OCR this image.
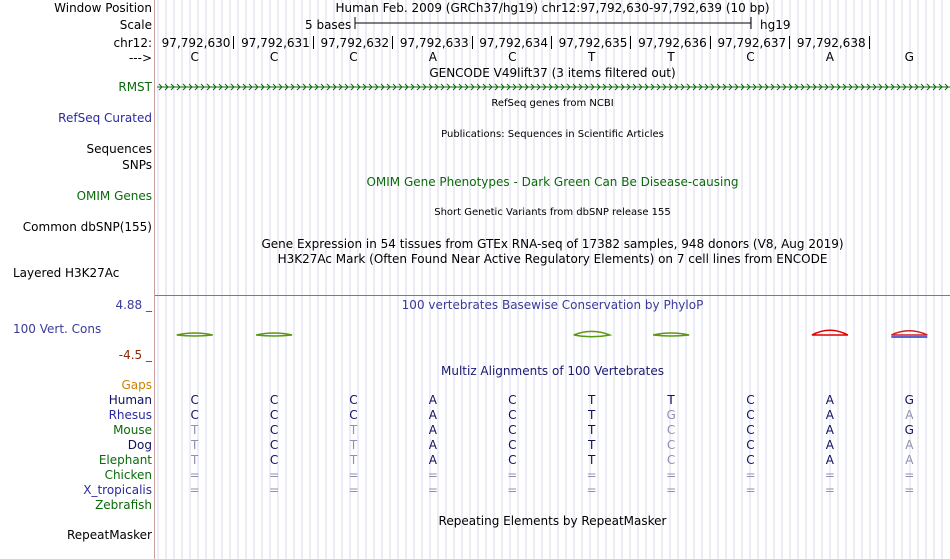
Window Position	Human Feb. 2009 (GRCh37/hg19) chr12:97,792,630-97,792,639 (10 bp)
Scale	5 bases	hg19
chr12: 97,792,630 97,792,631 97,792,632 97,792,633 97,792,634 97,792,635 97,792,636 97,792,637 97,792,638
--->	C	C	C	A	C	T	T	C	A	G
GENCODE V49lift37 (3 items filtered out)
RMST
RefSeq genes from NCBI
RefSeq Curated
Publications: Sequences in Scientific Articles
Sequences
SNPs
OMIM Gene Phenotypes - Dark Green Can Be Disease-causing
OMIM Genes
Short Genetic Variants from dbSNP release 155
Common dbSNP(155)
Gene Expression in 54 tissues from GTEx RNA-seq of 17382 samples, 948 donors (V8, Aug 2019)
H3K27Ac Mark (Often Found Near Active Regulatory Elements) on 7 cell lines from ENCODE
Layered H3K27Ac
100 vertebrates Basewise Conservation by PhyloP
4.88 _
100 Vert. Cons
-4.5 _
Multiz Alignments of 100 Vertebrates
Gaps
Human	C	C	C	A	C	T	T	C	A	G
Rhesus	C	C	C	A	C	T	G	C	A	A
Mouse	T	C	T	A	C	T	C	C	A	G
Dog	T	C	T	A	C	T	C	C	A	A
Elephant	T	C	T	A	C	T	C	C	A	A
Chicken	=	=	=	=	=	=	=	=	=	=
X_tropicalis	=	=	=	=	=	=	=	=	=	=
Zebrafish
Repeating Elements by RepeatMasker
RepeatMasker
